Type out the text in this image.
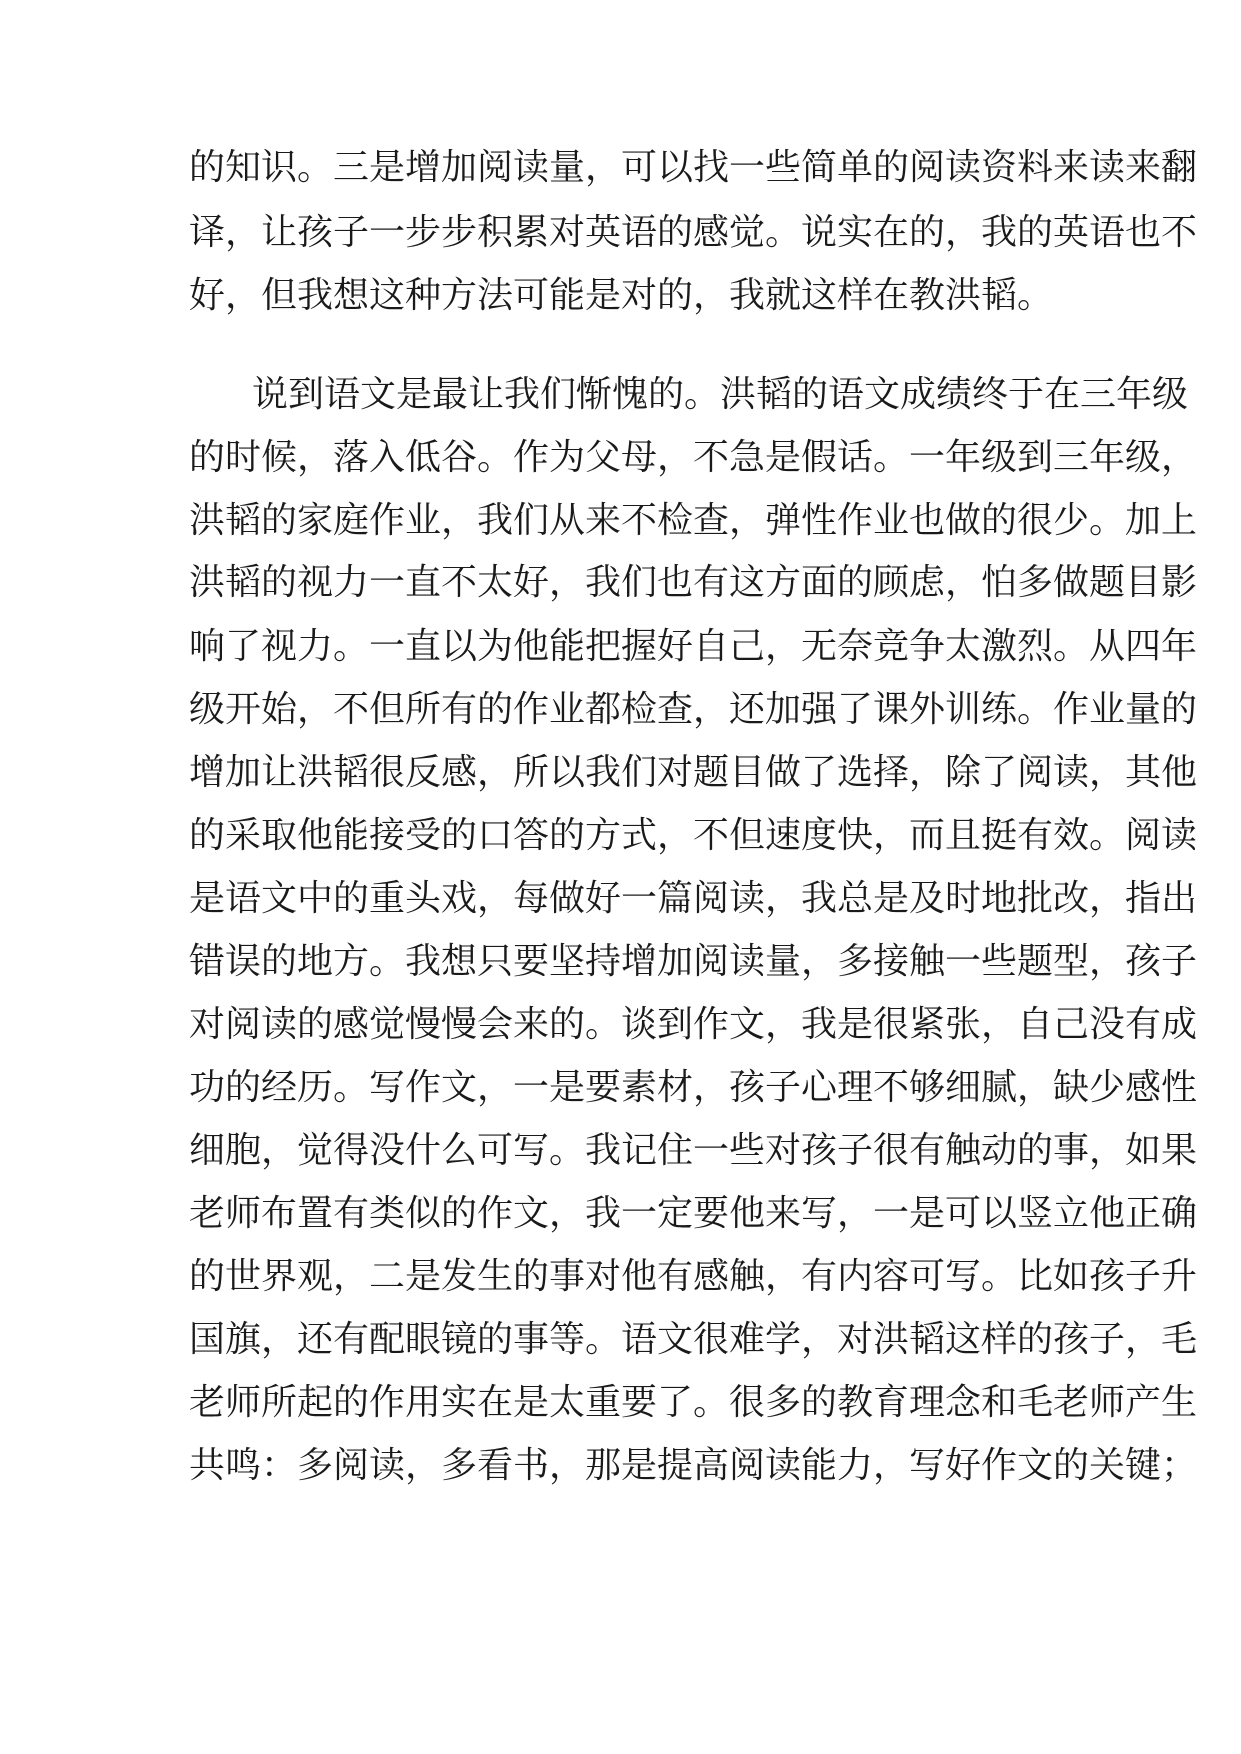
的知识。三是增加阅读量，可以找一些简单的阅读资料来读来翻
译，让孩子一步步积累对英语的感觉。说实在的，我的英语也不
好，但我想这种方法可能是对的，我就这样在教洪韬。
说到语文是最让我们惭愧的。洪韬的语文成绩终于在三年级
的时候，落入低谷。作为父母，不急是假话。一年级到三年级，
洪韬的家庭作业，我们从来不检查，弹性作业也做的很少。加上
洪韬的视力一直不太好，我们也有这方面的顾虑，怕多做题目影
响了视力。一直以为他能把握好自己，无奈竞争太激烈。从四年
级开始，不但所有的作业都检查，还加强了课外训练。作业量的
增加让洪韬很反感，所以我们对题目做了选择，除了阅读，其他
的采取他能接受的口答的方式，不但速度快，而且挺有效。阅读
是语文中的重头戏，每做好一篇阅读，我总是及时地批改，指出
错误的地方。我想只要坚持增加阅读量，多接触一些题型，孩子
对阅读的感觉慢慢会来的。谈到作文，我是很紧张，自己没有成
功的经历。写作文，一是要素材，孩子心理不够细腻，缺少感性
细胞，觉得没什么可写。我记住一些对孩子很有触动的事，如果
老师布置有类似的作文，我一定要他来写，一是可以竖立他正确
的世界观，二是发生的事对他有感触，有内容可写。比如孩子升
国旗，还有配眼镜的事等。语文很难学，对洪韬这样的孩子，毛
老师所起的作用实在是太重要了。很多的教育理念和毛老师产生
共鸣：多阅读，多看书，那是提高阅读能力，写好作文的关键；
